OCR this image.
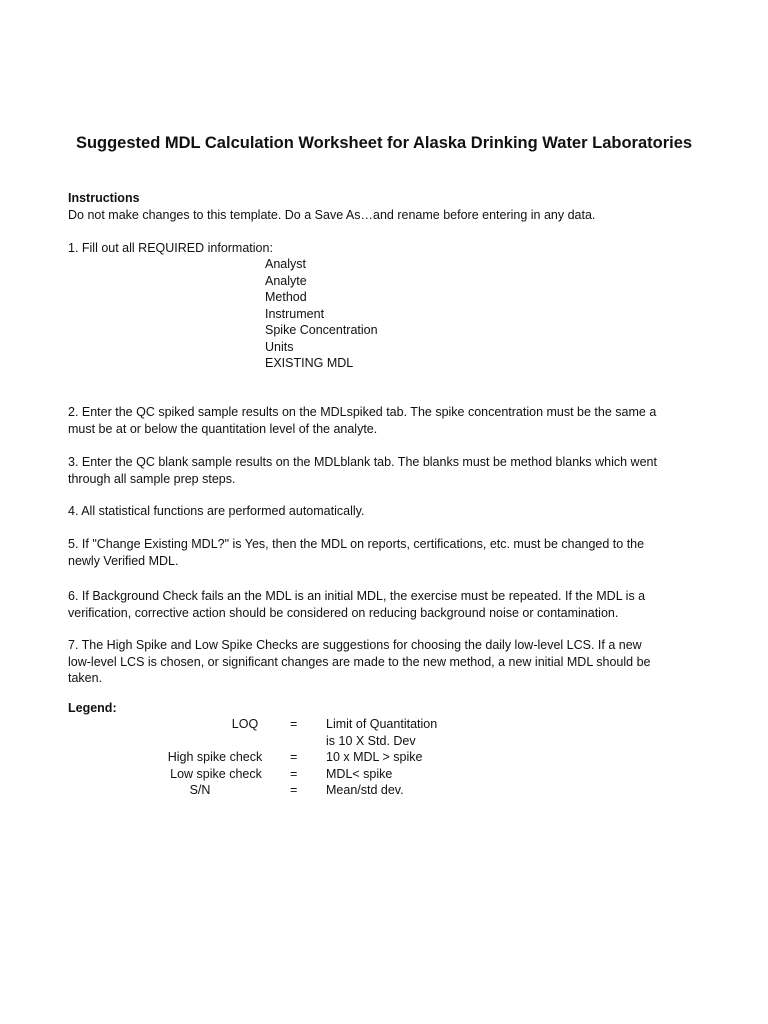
Suggested MDL Calculation Worksheet for Alaska Drinking Water Laboratories
Instructions
Do not make changes to this template. Do a Save As…and rename before entering in any data.
1. Fill out all REQUIRED information:
Analyst
Analyte
Method
Instrument
Spike Concentration
Units
EXISTING MDL
2. Enter the QC spiked sample results on the MDLspiked tab. The spike concentration must be the same a must be at or below the quantitation level of the analyte.
3. Enter the QC blank sample results on the MDLblank tab. The blanks must be method blanks which went through all sample prep steps.
4. All statistical functions are performed automatically.
5. If "Change Existing MDL?" is Yes, then the MDL on reports, certifications, etc. must be changed to the newly Verified MDL.
6. If Background Check fails an the MDL is an initial MDL, the exercise must be repeated. If the MDL is a verification, corrective action should be considered on reducing background noise or contamination.
7. The High Spike and Low Spike Checks are suggestions for choosing the daily low-level LCS. If a new low-level LCS is chosen, or significant changes are made to the new method, a new initial MDL should be taken.
Legend:
LOQ	= Limit of Quantitation
is 10 X Std. Dev
High spike check	= 10 x MDL > spike
Low spike check	= MDL< spike
S/N	= Mean/std dev.
